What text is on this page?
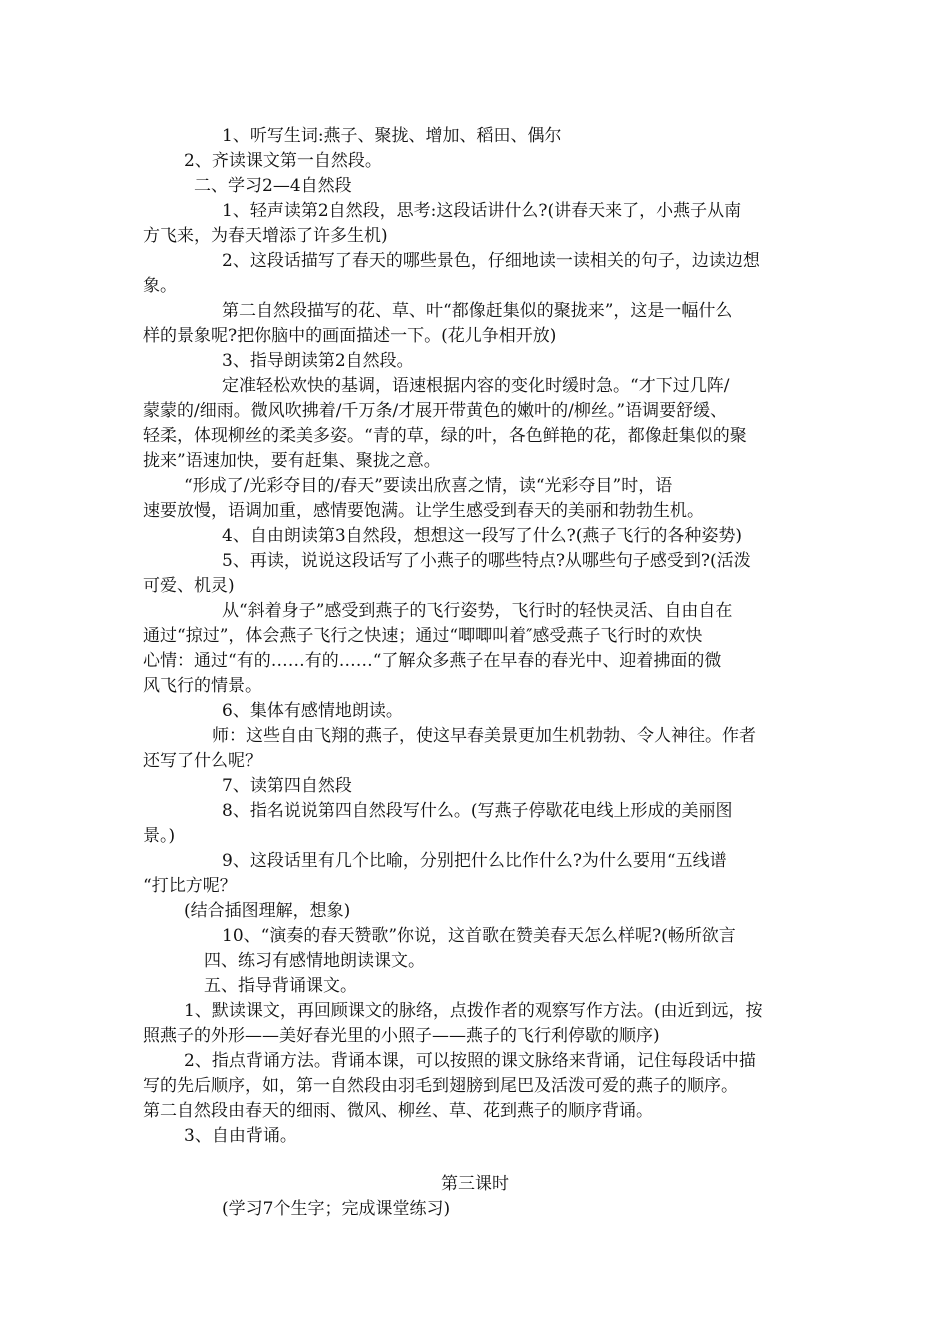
1、听写生词:燕子、聚拢、增加、稻田、偶尔
2、齐读课文第一自然段。
二、学习2—4自然段
1、轻声读第2自然段，思考:这段话讲什么?(讲春天来了，小燕子从南
方飞来，为春天增添了许多生机)
2、这段话描写了春天的哪些景色，仔细地读一读相关的句子，边读边想
象。
第二自然段描写的花、草、叶“都像赶集似的聚拢来”，这是一幅什么
样的景象呢?把你脑中的画面描述一下。(花儿争相开放)
3、指导朗读第2自然段。
定准轻松欢快的基调，语速根据内容的变化时缓时急。“才下过几阵/
蒙蒙的/细雨。微风吹拂着/千万条/才展开带黄色的嫩叶的/柳丝。”语调要舒缓、
轻柔，体现柳丝的柔美多姿。“青的草，绿的叶，各色鲜艳的花，都像赶集似的聚
拢来”语速加快，要有赶集、聚拢之意。
“形成了/光彩夺目的/春天”要读出欣喜之情，读“光彩夺目”时，语
速要放慢，语调加重，感情要饱满。让学生感受到春天的美丽和勃勃生机。
4、自由朗读第3自然段，想想这一段写了什么?(燕子飞行的各种姿势)
5、再读，说说这段话写了小燕子的哪些特点?从哪些句子感受到?(活泼
可爱、机灵)
从“斜着身子”感受到燕子的飞行姿势，飞行时的轻快灵活、自由自在
通过“掠过”，体会燕子飞行之快速；通过“唧唧叫着″感受燕子飞行时的欢快
心情：通过“有的……有的……“了解众多燕子在早春的春光中、迎着拂面的微
风飞行的情景。
6、集体有感情地朗读。
师：这些自由飞翔的燕子，使这早春美景更加生机勃勃、令人神往。作者
还写了什么呢？
7、读第四自然段
8、指名说说第四自然段写什么。(写燕子停歇花电线上形成的美丽图
景。)
9、这段话里有几个比喻，分别把什么比作什么?为什么要用“五线谱
“打比方呢？
(结合插图理解，想象)
10、“演奏的春天赞歌”你说，这首歌在赞美春天怎么样呢?(畅所欲言
四、练习有感情地朗读课文。
五、指导背诵课文。
1、默读课文，再回顾课文的脉络，点拨作者的观察写作方法。(由近到远，按
照燕子的外形——美好春光里的小照子——燕子的飞行利停歇的顺序)
2、指点背诵方法。背诵本课，可以按照的课文脉络来背诵，记住每段话中描
写的先后顺序，如，第一自然段由羽毛到翅膀到尾巴及活泼可爱的燕子的顺序。
第二自然段由春天的细雨、微风、柳丝、草、花到燕子的顺序背诵。
3、自由背诵。
第三课时
(学习7个生字；完成课堂练习)
